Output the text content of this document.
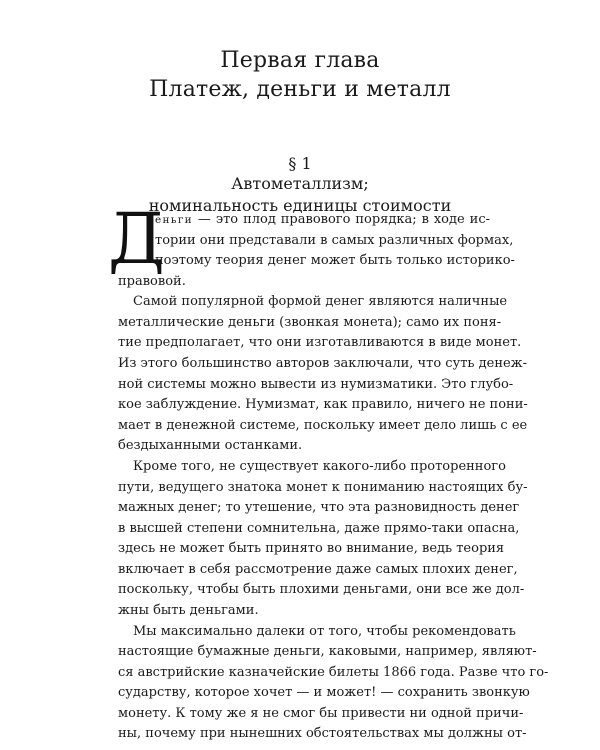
Первая глава
Платеж, деньги и металл
§ 1
Автометаллизм;
номинальность единицы стоимости
Д
еньги — это плод правового порядка; в ходе ис-
тории они представали в самых различных формах,
поэтому теория денег может быть только историко-
правовой.
Самой популярной формой денег являются наличные
металлические деньги (звонкая монета); само их поня-
тие предполагает, что они изготавливаются в виде монет.
Из этого большинство авторов заключали, что суть денеж-
ной системы можно вывести из нумизматики. Это глубо-
кое заблуждение. Нумизмат, как правило, ничего не пони-
мает в денежной системе, поскольку имеет дело лишь с ее
бездыханными останками.
Кроме того, не существует какого-либо проторенного
пути, ведущего знатока монет к пониманию настоящих бу-
мажных денег; то утешение, что эта разновидность денег
в высшей степени сомнительна, даже прямо-таки опасна,
здесь не может быть принято во внимание, ведь теория
включает в себя рассмотрение даже самых плохих денег,
поскольку, чтобы быть плохими деньгами, они все же дол-
жны быть деньгами.
Мы максимально далеки от того, чтобы рекомендовать
настоящие бумажные деньги, каковыми, например, являют-
ся австрийские казначейские билеты 1866 года. Разве что го-
сударству, которое хочет — и может! — сохранить звонкую
монету. К тому же я не смог бы привести ни одной причи-
ны, почему при нынешних обстоятельствах мы должны от-
